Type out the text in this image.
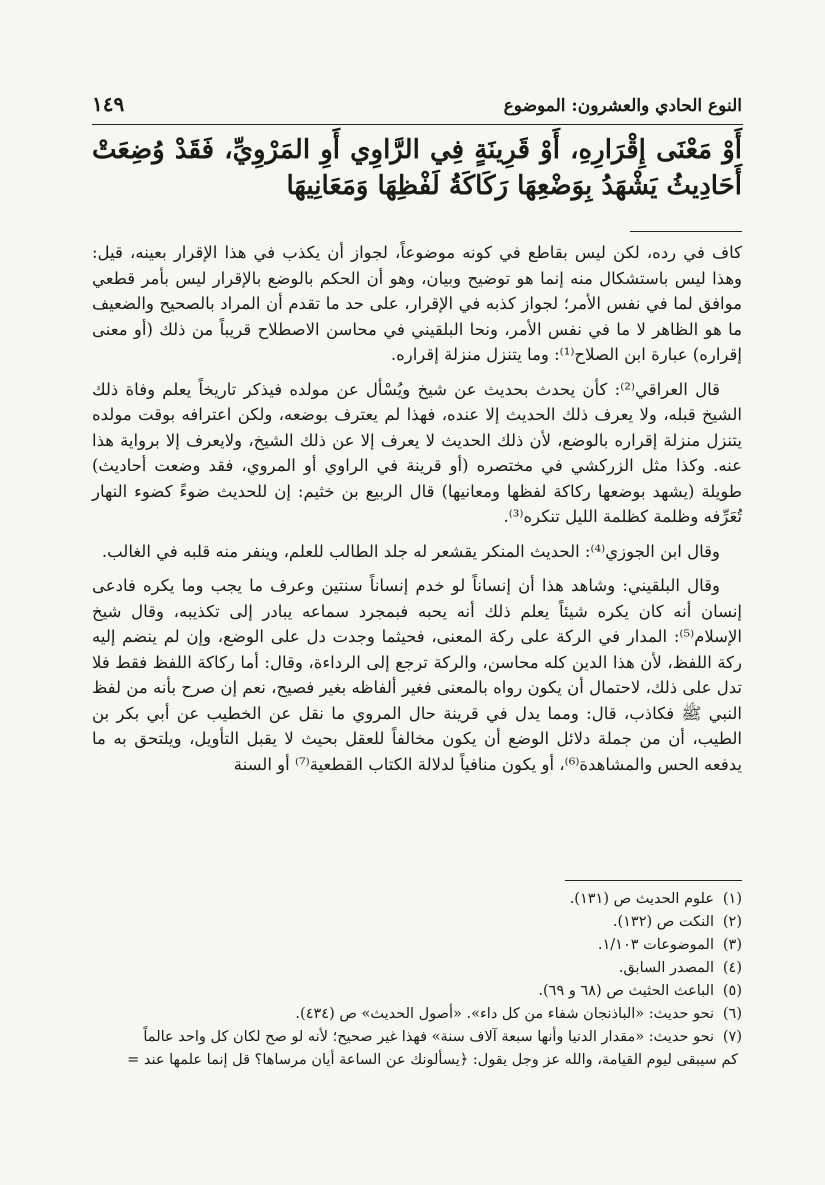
النوع الحادي والعشرون: الموضوع
١٤٩
أَوْ مَعْنَى إِقْرَارِهِ، أَوْ قَرِينَةٍ فِي الرَّاوِي أَوِ المَرْوِيِّ، فَقَدْ وُضِعَتْ أَحَادِيثُ يَشْهَدُ بِوَضْعِهَا رَكَاكَةُ لَفْظِهَا وَمَعَانِيهَا

كاف في رده، لكن ليس بقاطع في كونه موضوعاً، لجواز أن يكذب في هذا الإقرار بعينه، قيل: وهذا ليس باستشكال منه إنما هو توضيح وبيان، وهو أن الحكم بالوضع بالإقرار ليس بأمر قطعي موافق لما في نفس الأمر؛ لجواز كذبه في الإقرار، على حد ما تقدم أن المراد بالصحيح والضعيف ما هو الظاهر لا ما في نفس الأمر، ونحا البلقيني في محاسن الاصطلاح قريباً من ذلك (أو معنى إقراره) عبارة ابن الصلاح⁽¹⁾: وما يتنزل منزلة إقراره.

قال العراقي⁽²⁾: كأن يحدث بحديث عن شيخ ويُسْأل عن مولده فيذكر تاريخاً يعلم وفاة ذلك الشيخ قبله، ولا يعرف ذلك الحديث إلا عنده، فهذا لم يعترف بوضعه، ولكن اعترافه بوقت مولده يتنزل منزلة إقراره بالوضع، لأن ذلك الحديث لا يعرف إلا عن ذلك الشيخ، ولايعرف إلا برواية هذا عنه. وكذا مثل الزركشي في مختصره (أو قرينة في الراوي أو المروي، فقد وضعت أحاديث) طويلة (يشهد بوضعها ركاكة لفظها ومعانيها) قال الربيع بن خثيم: إن للحديث ضوءً كضوء النهار تُعَرِّفه وظلمة كظلمة الليل تنكره⁽³⁾.

وقال ابن الجوزي⁽⁴⁾: الحديث المنكر يقشعر له جلد الطالب للعلم، وينفر منه قلبه في الغالب.

وقال البلقيني: وشاهد هذا أن إنساناً لو خدم إنساناً سنتين وعرف ما يجب وما يكره فادعى إنسان أنه كان يكره شيئاً يعلم ذلك أنه يحبه فبمجرد سماعه يبادر إلى تكذيبه، وقال شيخ الإسلام⁽⁵⁾: المدار في الركة على ركة المعنى، فحيثما وجدت دل على الوضع، وإن لم ينضم إليه ركة اللفظ، لأن هذا الدين كله محاسن، والركة ترجع إلى الرداءة، وقال: أما ركاكة اللفظ فقط فلا تدل على ذلك، لاحتمال أن يكون رواه بالمعنى فغير ألفاظه بغير فصيح، نعم إن صرح بأنه من لفظ النبي ﷺ فكاذب، قال: ومما يدل في قرينة حال المروي ما نقل عن الخطيب عن أبي بكر بن الطيب، أن من جملة دلائل الوضع أن يكون مخالفاً للعقل بحيث لا يقبل التأويل، ويلتحق به ما يدفعه الحس والمشاهدة⁽⁶⁾، أو يكون منافياً لدلالة الكتاب القطعية⁽⁷⁾ أو السنة

(١)علوم الحديث ص (١٣١).
(٢)النكت ص (١٣٢).
(٣)الموضوعات ١/١٠٣.
(٤)المصدر السابق.
(٥)الباعث الحثيث ص (٦٨ و ٦٩).
(٦)نحو حديث: «الباذنجان شفاء من كل داء». «أصول الحديث» ص (٤٣٤).
(٧)نحو حديث: «مقدار الدنيا وأنها سبعة آلاف سنة» فهذا غير صحيح؛ لأنه لو صح لكان كل واحد عالماً
كم سيبقى ليوم القيامة، والله عز وجل يقول: ﴿يسألونك عن الساعة أيان مرساها؟ قل إنما علمها عند =
